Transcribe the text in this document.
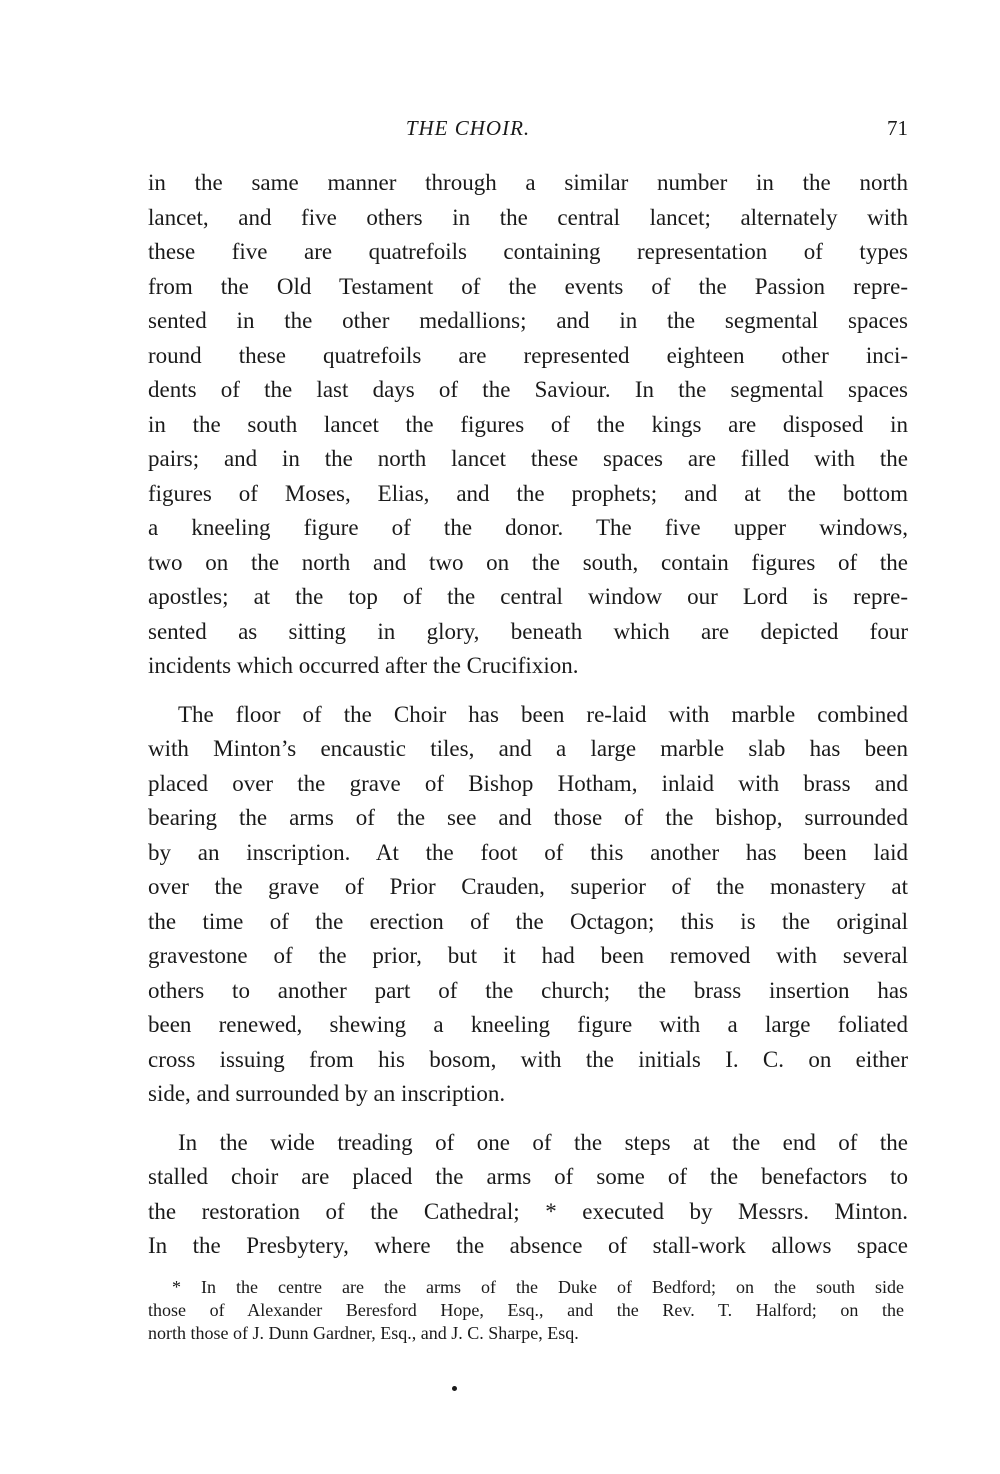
THE CHOIR.	71
in the same manner through a similar number in the north
lancet, and five others in the central lancet; alternately with
these five are quatrefoils containing representation of types
from the Old Testament of the events of the Passion repre-
sented in the other medallions; and in the segmental spaces
round these quatrefoils are represented eighteen other inci-
dents of the last days of the Saviour. In the segmental spaces
in the south lancet the figures of the kings are disposed in
pairs; and in the north lancet these spaces are filled with the
figures of Moses, Elias, and the prophets; and at the bottom
a kneeling figure of the donor. The five upper windows,
two on the north and two on the south, contain figures of the
apostles; at the top of the central window our Lord is repre-
sented as sitting in glory, beneath which are depicted four
incidents which occurred after the Crucifixion.
The floor of the Choir has been re-laid with marble combined
with Minton’s encaustic tiles, and a large marble slab has been
placed over the grave of Bishop Hotham, inlaid with brass and
bearing the arms of the see and those of the bishop, surrounded
by an inscription. At the foot of this another has been laid
over the grave of Prior Crauden, superior of the monastery at
the time of the erection of the Octagon; this is the original
gravestone of the prior, but it had been removed with several
others to another part of the church; the brass insertion has
been renewed, shewing a kneeling figure with a large foliated
cross issuing from his bosom, with the initials I. C. on either
side, and surrounded by an inscription.
In the wide treading of one of the steps at the end of the
stalled choir are placed the arms of some of the benefactors to
the restoration of the Cathedral; * executed by Messrs. Minton.
In the Presbytery, where the absence of stall-work allows space
* In the centre are the arms of the Duke of Bedford; on the south side
those of Alexander Beresford Hope, Esq., and the Rev. T. Halford; on the
north those of J. Dunn Gardner, Esq., and J. C. Sharpe, Esq.
